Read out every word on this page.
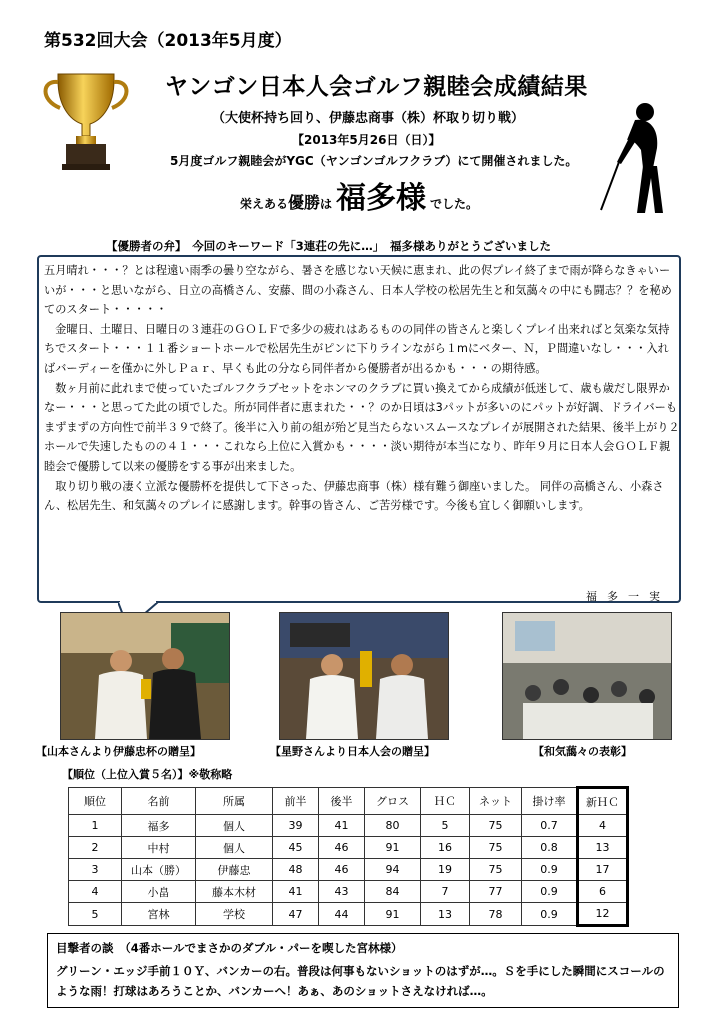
第532回大会（2013年5月度）
ヤンゴン日本人会ゴルフ親睦会成績結果
（大使杯持ち回り、伊藤忠商事（株）杯取り切り戦）
【2013年5月26日（日）】
5月度ゴルフ親睦会がYGC（ヤンゴンゴルフクラブ）にて開催されました。
栄えある優勝は 福多様 でした。
【優勝者の弁】　今回のキーワード「3連荘の先に…」　福多様ありがとうございました

五月晴れ・・・？とは程遠い雨季の曇り空ながら、暑さを感じない天候に恵まれ、此の侭プレイ終了まで雨が降らなきゃいーいが・・・と思いながら、日立の高橋さん、安藤、間の小森さん、日本人学校の松居先生と和気藹々の中にも闘志？？を秘めてのスタート・・・・・

　金曜日、土曜日、日曜日の３連荘のＧＯＬＦで多少の疲れはあるものの同伴の皆さんと楽しくプレイ出来ればと気楽な気持ちでスタート・・・１１番ショートホールで松居先生がピンに下りラインながら１mにベター、Ｎ，Ｐ間違いなし・・・入ればバーディーを僅かに外しＰａｒ、早くも此の分なら同伴者から優勝者が出るかも・・・の期待感。

　数ヶ月前に此れまで使っていたゴルフクラブセットをホンマのクラブに買い換えてから成績が低迷して、歳も歳だし限界かなー・・・と思ってた此の頃でした。所が同伴者に恵まれた・・？のか日頃は3パットが多いのにパットが好調、ドライバーもまずまずの方向性で前半３９で終了。後半に入り前の組が殆ど見当たらないスムースなプレイが展開された結果、後半上がり２ホールで失速したものの４１・・・これなら上位に入賞かも・・・・淡い期待が本当になり、昨年９月に日本人会ＧＯＬＦ親睦会で優勝して以来の優勝をする事が出来ました。

　取り切り戦の凄く立派な優勝杯を提供して下さった、伊藤忠商事（株）様有難う御座いました。 同伴の高橋さん、小森さん、松居先生、和気藹々のプレイに感謝します。幹事の皆さん、ご苦労様です。今後も宜しく御願いします。

福多一実
【山本さんより伊藤忠杯の贈呈】	【星野さんより日本人会の贈呈】	【和気藹々の表彰】
【順位（上位入賞５名）】※敬称略
順位	名前	所属	前半	後半	グロス	ＨＣ	ネット	掛け率	新ＨＣ
1	福多	個人	39	41	80	5	75	0.7	4
2	中村	個人	45	46	91	16	75	0.8	13
3	山本（勝）	伊藤忠	48	46	94	19	75	0.9	17
4	小畠	藤本木材	41	43	84	7	77	0.9	6
5	宮林	学校	47	44	91	13	78	0.9	12
目撃者の談　（4番ホールでまさかのダブル・パーを喫した宮林様）
グリーン・エッジ手前１０Ｙ、バンカーの右。普段は何事もないショットのはずが…。Ｓを手にした瞬間にスコールのような雨！打球はあろうことか、バンカーへ！あぁ、あのショットさえなければ…。
